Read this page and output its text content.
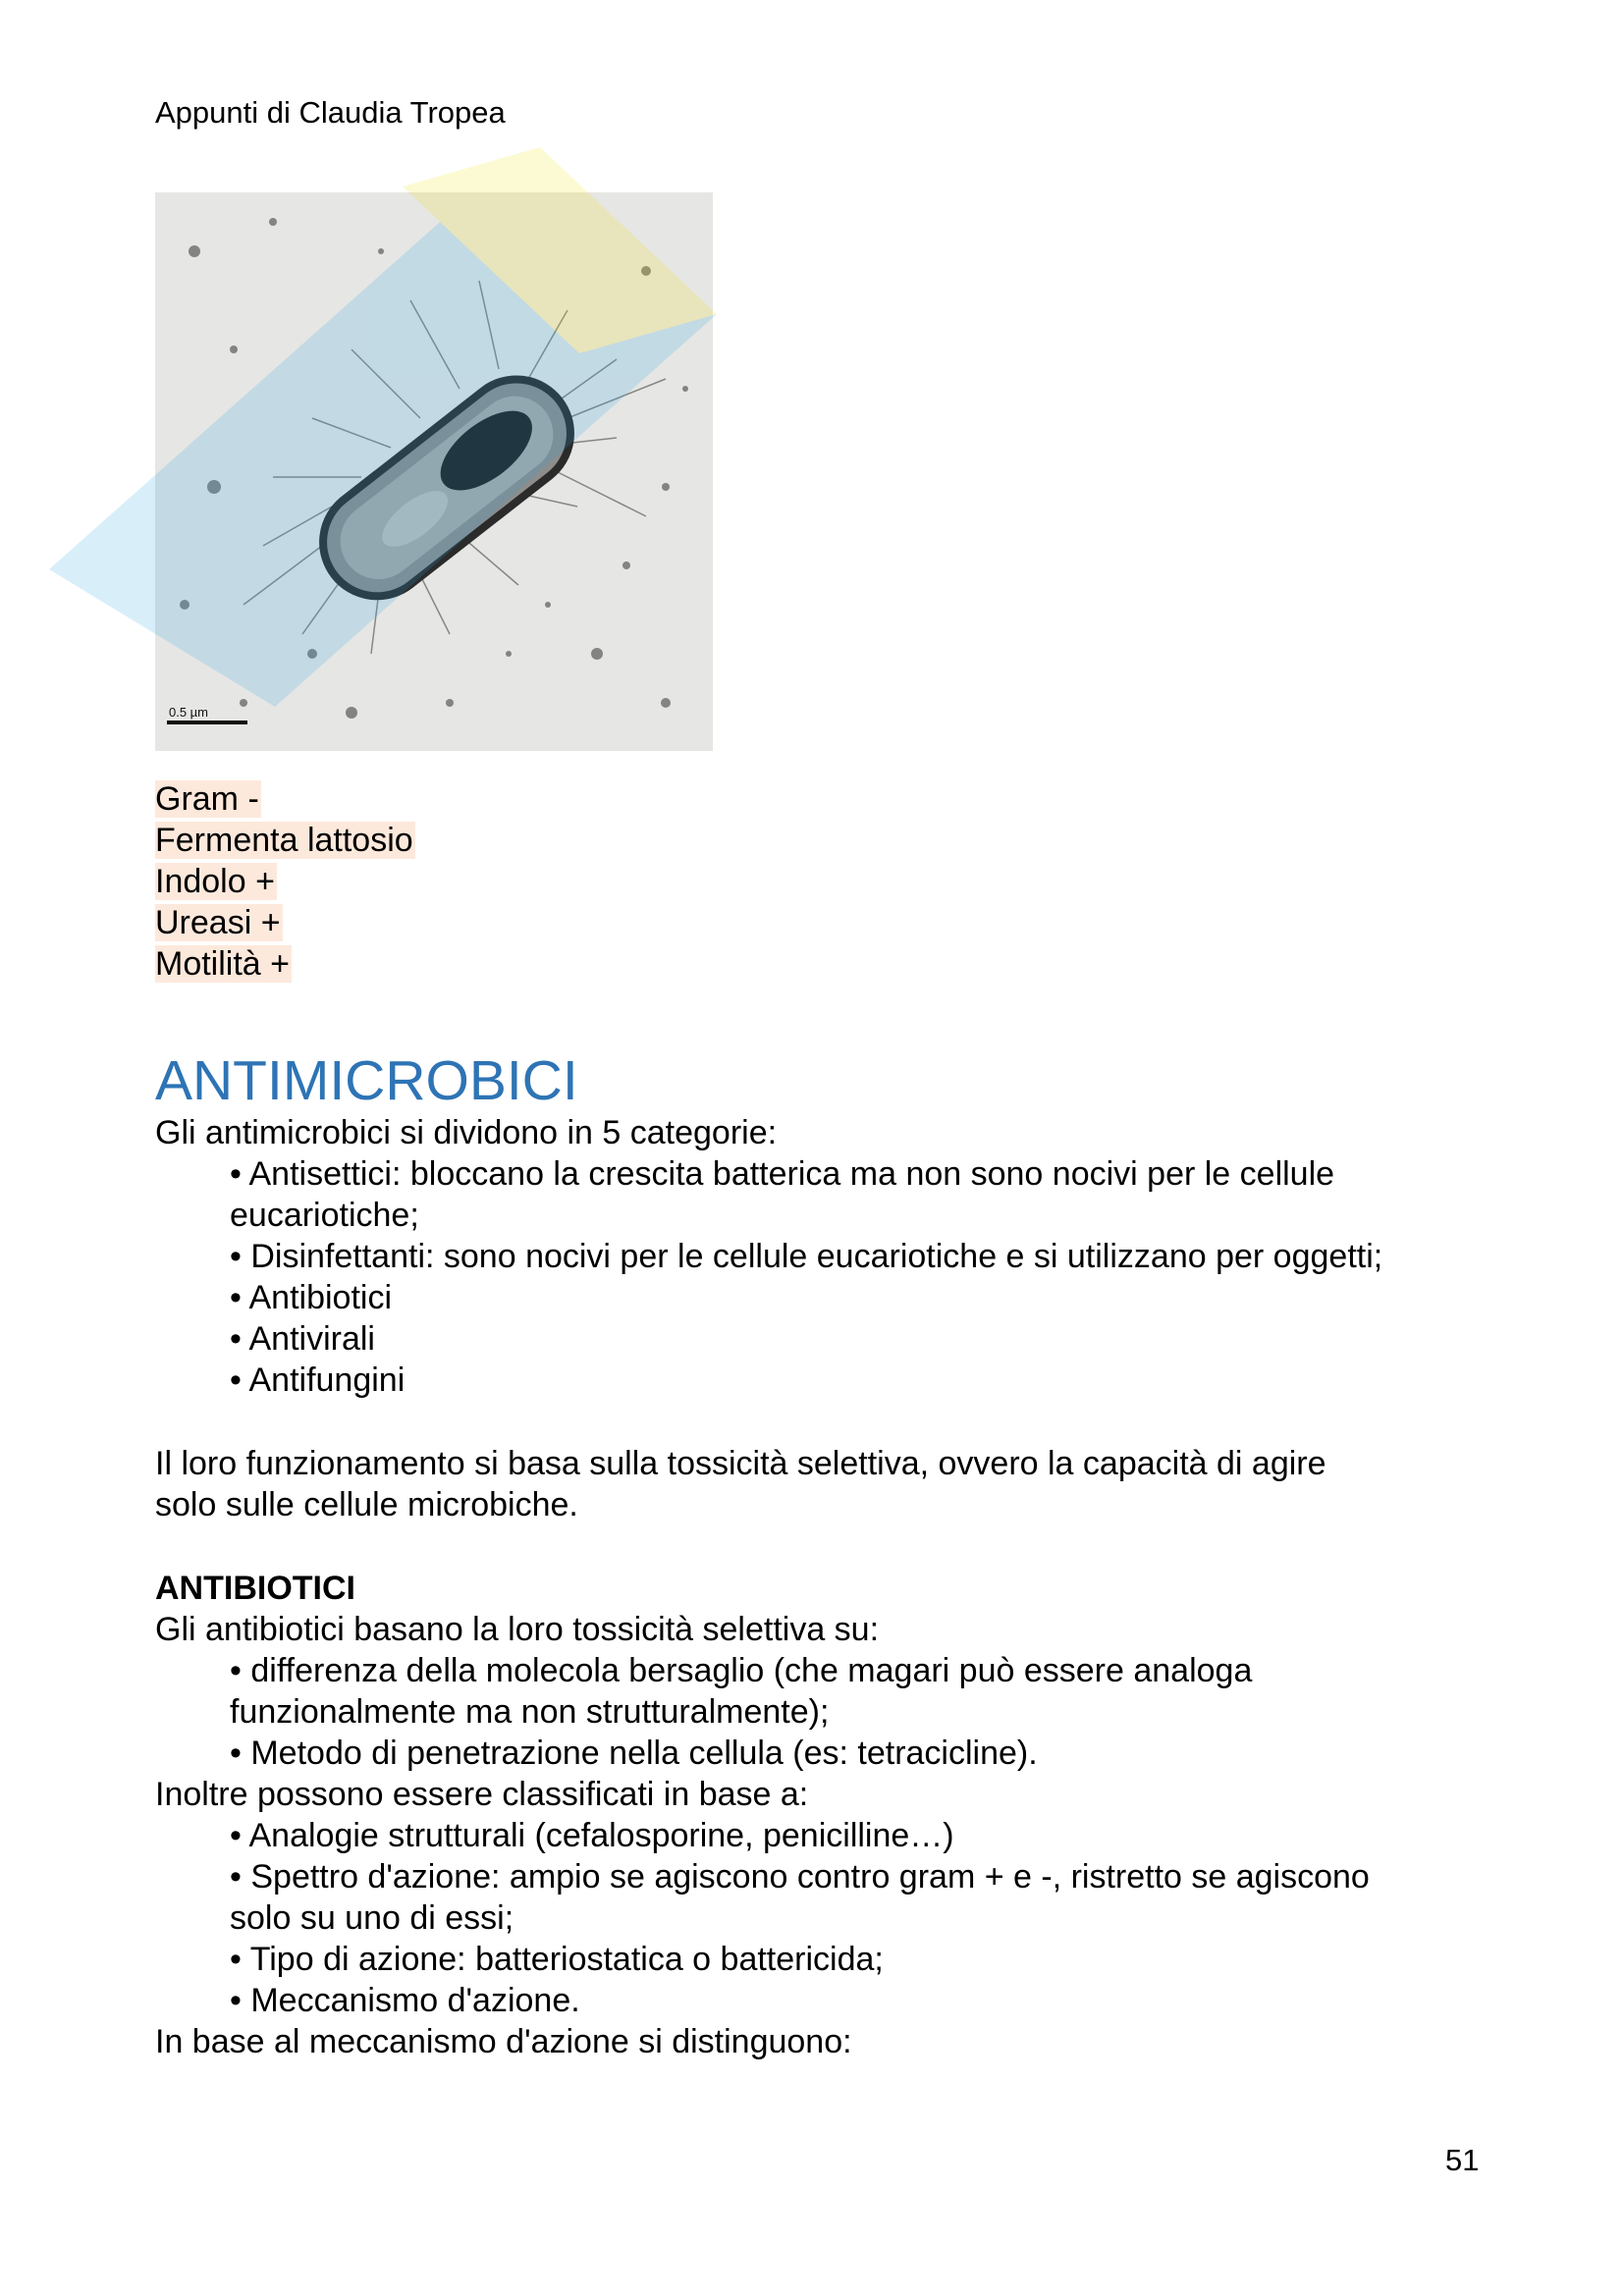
Appunti di Claudia Tropea
0.5 µm
Gram -
Fermenta lattosio
Indolo +
Ureasi +
Motilità +
ANTIMICROBICI

Gli antimicrobici si dividono in 5 categorie:

• Antisettici: bloccano la crescita batterica ma non sono nocivi per le cellule

eucariotiche;

• Disinfettanti: sono nocivi per le cellule eucariotiche e si utilizzano per oggetti;

• Antibiotici

• Antivirali

• Antifungini

Il loro funzionamento si basa sulla tossicità selettiva, ovvero la capacità di agire

solo sulle cellule microbiche.

ANTIBIOTICI

Gli antibiotici basano la loro tossicità selettiva su:

• differenza della molecola bersaglio (che magari può essere analoga

funzionalmente ma non strutturalmente);

• Metodo di penetrazione nella cellula (es: tetracicline).

Inoltre possono essere classificati in base a:

• Analogie strutturali (cefalosporine, penicilline…)

• Spettro d'azione: ampio se agiscono contro gram + e -, ristretto se agiscono

solo su uno di essi;

• Tipo di azione: batteriostatica o battericida;

• Meccanismo d'azione.

In base al meccanismo d'azione si distinguono:

51
